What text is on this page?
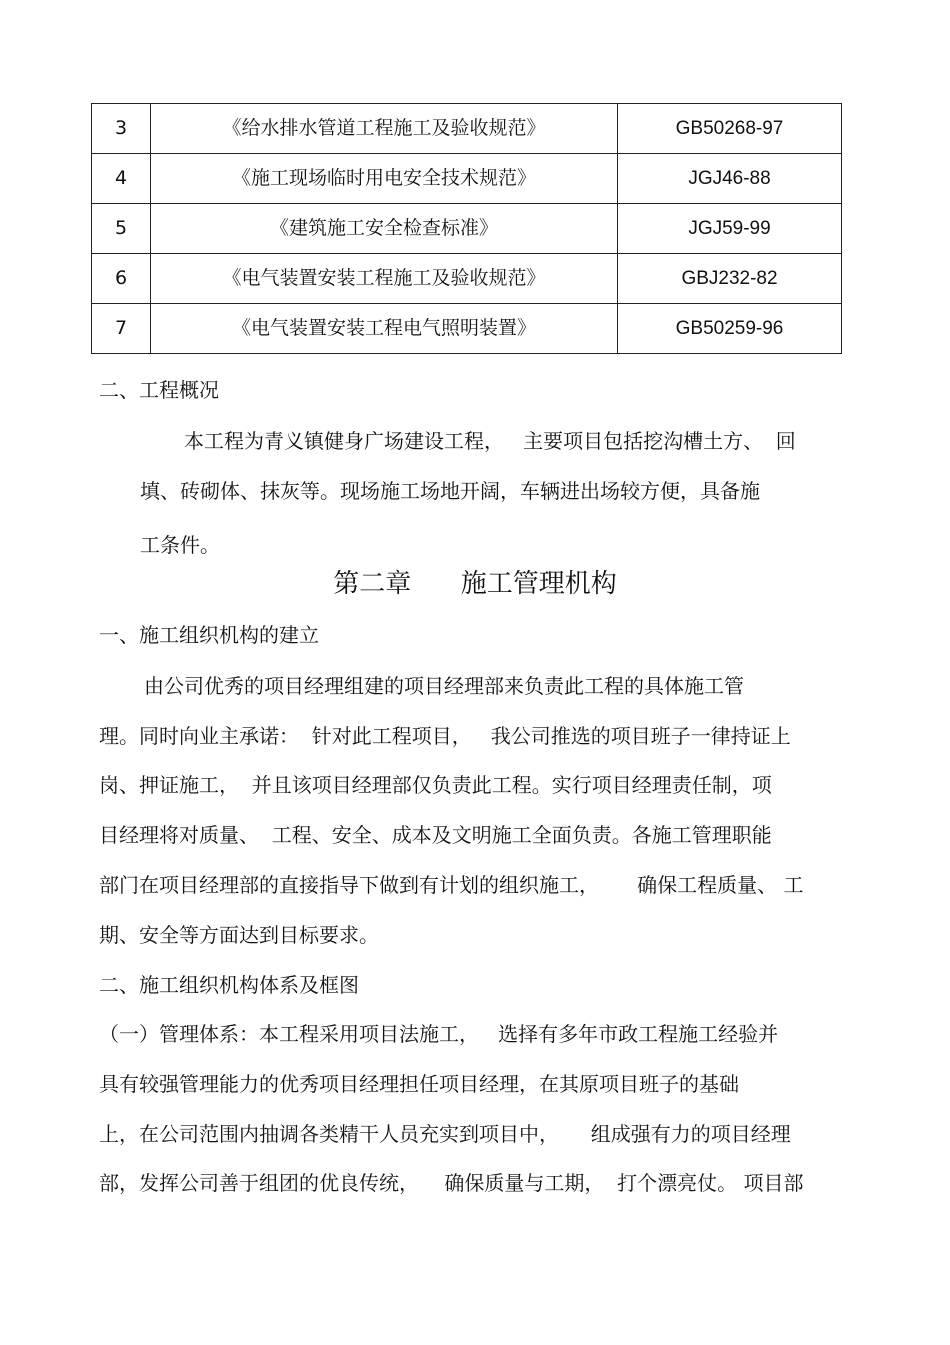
3	《给水排水管道工程施工及验收规范》	GB50268-97
4	《施工现场临时用电安全技术规范》	JGJ46-88
5	《建筑施工安全检查标准》	JGJ59-99
6	《电气装置安装工程施工及验收规范》	GBJ232-82
7	《电气装置安装工程电气照明装置》	GB50259-96
二、工程概况
本工程为青义镇健身广场建设工程，   主要项目包括挖沟槽土方、  回
填、砖砌体、抹灰等。现场施工场地开阔，车辆进出场较方便，具备施
工条件。
第二章      施工管理机构
一、施工组织机构的建立
由公司优秀的项目经理组建的项目经理部来负责此工程的具体施工管
理。同时向业主承诺：  针对此工程项目，   我公司推选的项目班子一律持证上
岗、押证施工，  并且该项目经理部仅负责此工程。实行项目经理责任制，项
目经理将对质量、  工程、安全、成本及文明施工全面负责。各施工管理职能
部门在项目经理部的直接指导下做到有计划的组织施工，      确保工程质量、 工
期、安全等方面达到目标要求。
二、施工组织机构体系及框图
（一）管理体系：本工程采用项目法施工，   选择有多年市政工程施工经验并
具有较强管理能力的优秀项目经理担任项目经理，在其原项目班子的基础
上，在公司范围内抽调各类精干人员充实到项目中，     组成强有力的项目经理
部，发挥公司善于组团的优良传统，    确保质量与工期，  打个漂亮仗。 项目部
